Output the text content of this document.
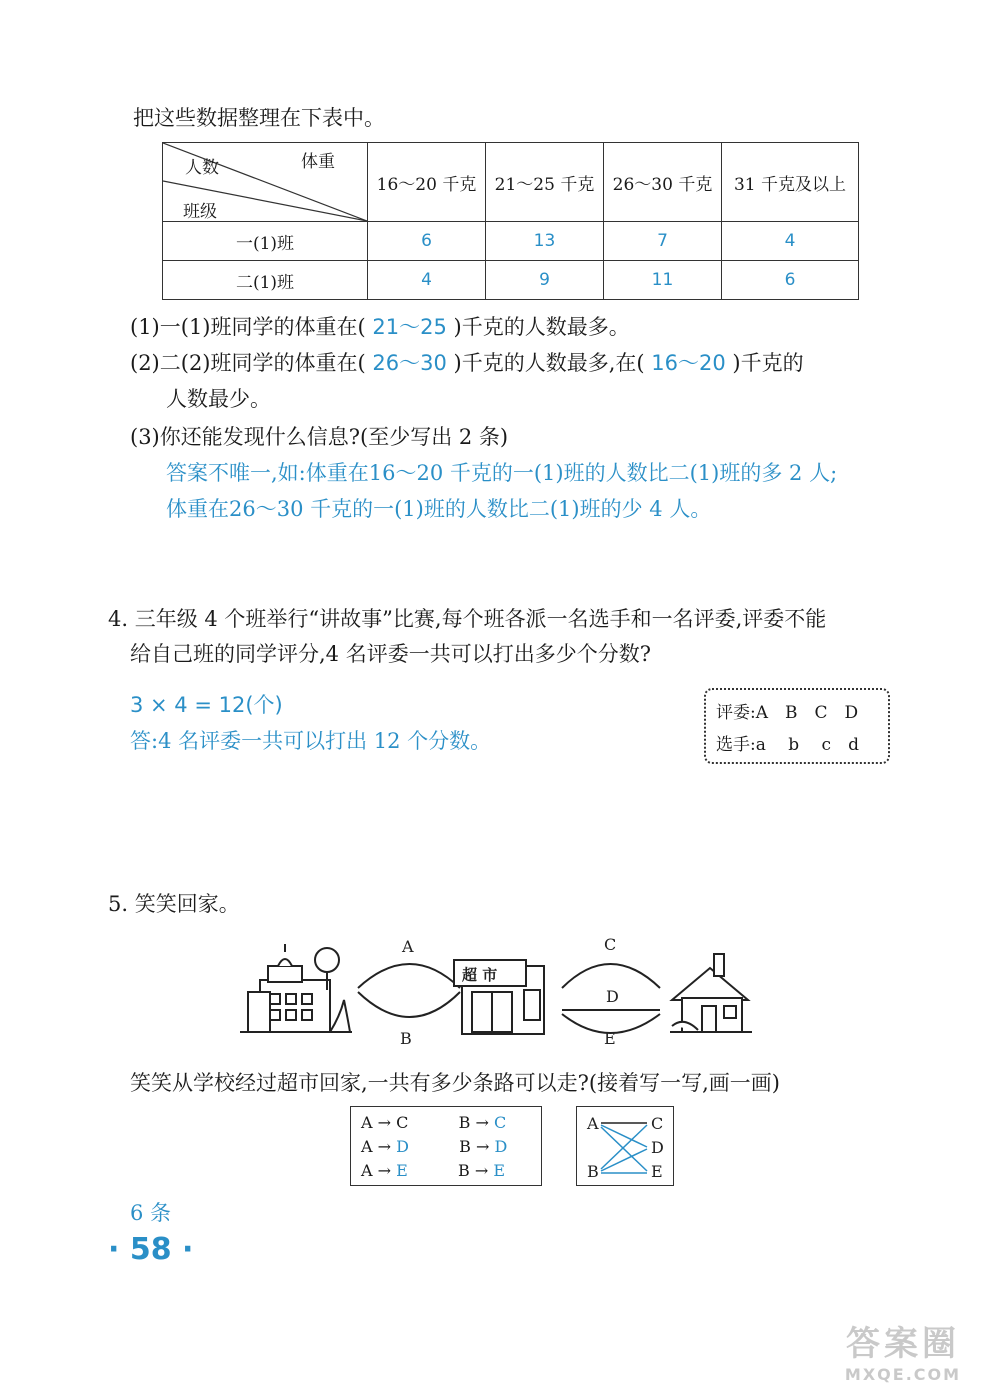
把这些数据整理在下表中。
体重
人数
班级	16～20 千克	21～25 千克	26～30 千克	31 千克及以上
一(1)班	6	13	7	4
二(1)班	4	9	11	6
(1)一(1)班同学的体重在( 21～25 )千克的人数最多。
(2)二(2)班同学的体重在( 26～30 )千克的人数最多,在( 16～20 )千克的
人数最少。
(3)你还能发现什么信息?(至少写出 2 条)
答案不唯一,如:体重在16～20 千克的一(1)班的人数比二(1)班的多 2 人;
体重在26～30 千克的一(1)班的人数比二(1)班的少 4 人。
4. 三年级 4 个班举行“讲故事”比赛,每个班各派一名选手和一名评委,评委不能
给自己班的同学评分,4 名评委一共可以打出多少个分数?
3 × 4 = 12(个)
答:4 名评委一共可以打出 12 个分数。
评委:A　B　C　D
选手:a　 b　 c　d
5. 笑笑回家。
A
B
超 市
C
D
E
笑笑从学校经过超市回家,一共有多少条路可以走?(接着写一写,画一画)
A → C	B → C
A → D	B → D
A → E	B → E
A
B
C
D
E
6 条
· 58 ·
答案圈
MXQE.COM
